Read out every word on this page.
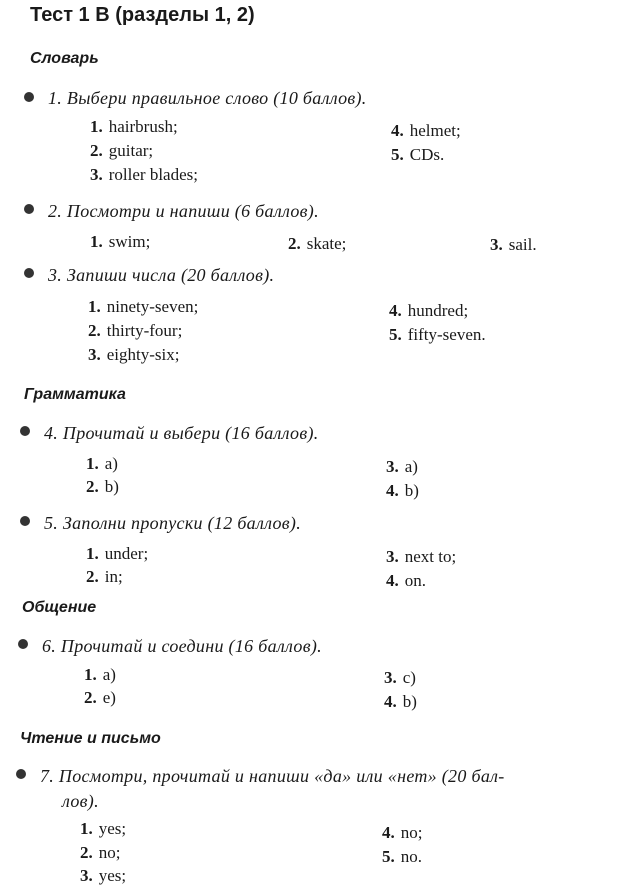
Тест 1 В (разделы 1, 2)
Словарь
1. Выбери правильное слово (10 баллов).
1. hairbrush;
2. guitar;
3. roller blades;
4. helmet;
5. CDs.
2. Посмотри и напиши (6 баллов).
1. swim;	2. skate;	3. sail.
3. Запиши числа (20 баллов).
1. ninety-seven;
2. thirty-four;
3. eighty-six;
4. hundred;
5. fifty-seven.
Грамматика
4. Прочитай и выбери (16 баллов).
1. a)
2. b)
3. a)
4. b)
5. Заполни пропуски (12 баллов).
1. under;
2. in;
3. next to;
4. on.
Общение
6. Прочитай и соедини (16 баллов).
1. a)
2. e)
3. c)
4. b)
Чтение и письмо
7. Посмотри, прочитай и напиши «да» или «нет» (20 бал-
лов).
1. yes;
2. no;
3. yes;
4. no;
5. no.
